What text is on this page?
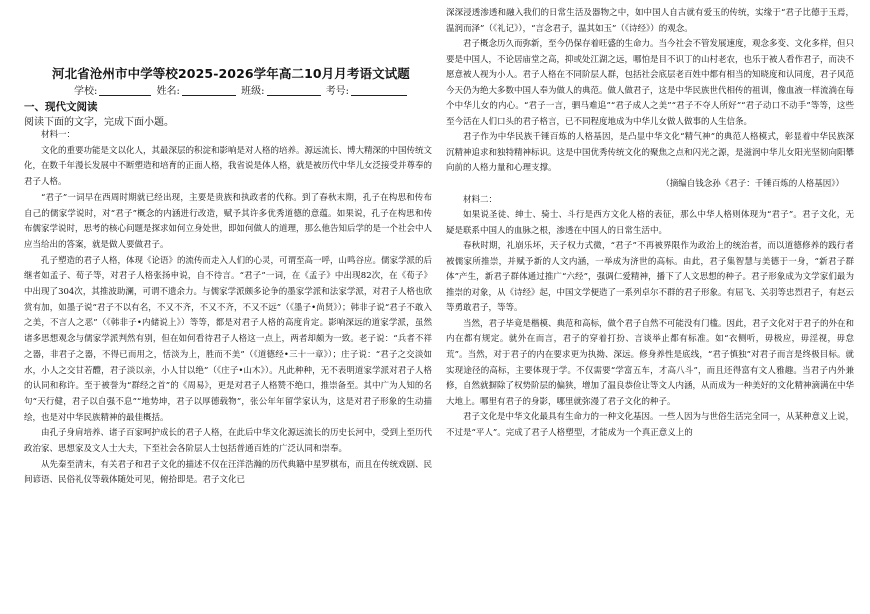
河北省沧州市中学等校2025-2026学年高二10月月考语文试题
学校:	姓名:	班级:	考号:
一、现代文阅读
阅读下面的文字，完成下面小题。

材料一：

文化的重要功能是文以化人，其最深层的积淀和影响是对人格的培养。源远流长、博大精深的中国传统文化，在数千年漫长发展中不断塑造和培育的正面人格，我省说是体人格，就是被历代中华儿女泛接受并尊奉的君子人格。

“君子”一词早在西周时期就已经出现，主要是贵族和执政者的代称。到了春秋末期，孔子在构思和传布自己的儒家学说时，对“君子”概念的内涵进行改造，赋予其许多优秀道德的意蕴。如果说，孔子在构思和传布儒家学说时，思考的核心问题是探求如何立身处世，即如何做人的道理，那么他告知后学的是一个社会中人应当给出的答案，就是做人要做君子。

孔子塑造的君子人格，体现《论语》的流传而走入人们的心灵，可谓至高一呼，山鸣谷应。儒家学派的后继者如孟子、荀子等，对君子人格张扬申说，自不待言。“君子”一词，在《孟子》中出现82次，在《荀子》中出现了304次，其推波助澜，可谓不遗余力。与儒家学派颇多论争的墨家学派和法家学派，对君子人格也欣赏有加，如墨子说“君子不以有名，不又不齐，不又不齐，不又不远”（《墨子•尚贤》）；韩非子说“君子不敢入之美，不言人之恶”（《韩非子•内储说上》）等等，都是对君子人格的高度肯定。影响深远的道家学派，虽然诸多思想观念与儒家学派判然有别，但在如何看待君子人格这一点上，两者却颇为一致。老子说：“兵者不祥之器，非君子之器，不得已而用之，恬淡为上，胜而不美”（《道德经•三十一章》）；庄子说：“君子之交淡如水，小人之交甘若醴，君子淡以亲，小人甘以绝”（《庄子•山木》）。凡此种种，无不表明道家学派对君子人格的认同和称许。至于被誉为“群经之首”的《周易》，更是对君子人格赞不绝口，推崇备至。其中广为人知的名句“天行健，君子以自强不息”“地势坤，君子以厚德载物”，张公年年留学家认为，这是对君子形象的生动描绘，也是对中华民族精神的最佳概括。

由孔子身肩培养、诸子百家呵护成长的君子人格，在此后中华文化源远流长的历史长河中，受到上至历代政治家、思想家及文人士大夫，下至社会各阶层人士包括普通百姓的广泛认同和崇奉。

从先秦至清末，有关君子和君子文化的描述不仅在汪洋浩瀚的历代典籍中星罗棋布，而且在传统戏剧、民间谚语、民俗礼仪等载体随处可见，俯拾即是。君子文化已

深深浸透渗透和融入我们的日常生活及器物之中，如中国人自古就有爱玉的传统，实缘于“君子比德于玉焉，温润而泽”（《礼记》），“言念君子，温其如玉”（《诗经》）的观念。

君子概念历久而弥新，至今仍保存着旺盛的生命力。当今社会不管发展速度，观念多变、文化多样，但只要是中国人，不论居庙堂之高，抑或处江湖之远，哪怕是目不识丁的山村老农，也乐于被人看作君子，而决不愿意被人视为小人。君子人格在不同阶层人群，包括社会底层老百姓中都有相当的知晓度和认同度，君子风范今天仍为绝大多数中国人奉为做人的典范。做人做君子，这是中华民族世代相传的祖训，像血液一样流淌在每个中华儿女的内心。“君子一言，驷马难追”“君子成人之美”“君子不夺人所好”“君子动口不动手”等等，这些至今活在人们口头的君子格言，已不同程度地成为中华儿女做人做事的人生信条。

君子作为中华民族千锤百炼的人格基因，是凸显中华文化“精气神”的典范人格模式，彰显着中华民族深沉精神追求和独特精神标识。这是中国优秀传统文化的聚焦之点和闪光之源，是滋润中华儿女阳光坚韧向阳攀向前的人格力量和心理支撑。

（摘编自钱念孙《君子：千锤百炼的人格基因》）

材料二：

如果说圣徒、绅士、骑士、斗行是西方文化人格的表征，那么中华人格则体现为“君子”。君子文化，无疑是联系中国人的血脉之根，渗透在中国人的日常生活中。

春秋时期，礼崩乐坏，天子权力式微，“君子”不再被界限作为政治上的统治者，而以道德修养的践行者被儒家所推崇，并赋予新的人文内涵，一举成为济世的高标。由此，君子集智慧与美德于一身，“新君子群体”产生，新君子群体通过推广“六经”，强调仁爱精神，播下了人文思想的种子。君子形象成为文学家们最为推崇的对象，从《诗经》起，中国文学便造了一系列卓尔不群的君子形象。有屈飞、关羽等忠烈君子，有赵云等勇敢君子，等等。

当然，君子毕竟是楷模、典范和高标，做个君子自然不可能没有门槛。因此，君子文化对于君子的外在和内在都有规定。就外在而言，君子的穿着打扮、言谈举止都有标准。如“衣侧听，毋极应，毋淫视，毋怠荒”。当然，对于君子的内在要求更为执拗、深远。修身养性是底线，“君子慎独”对君子而言是终极目标。就实现途径的高标，主要体现于学。不仅需要“学富五车，才高八斗”，而且还得富有文人雅趣。当君子内外兼修，自然就摒除了权势阶层的偏狭，增加了温良恭俭让等文人内涵，从而成为一种美好的文化精神滴满在中华大地上。哪里有君子的身影，哪里就弥漫了君子文化的种子。

君子文化是中华文化最具有生命力的一种文化基因。一些人因为与世俗生活完全同一，从某种意义上说，不过是“平人”。完成了君子人格塑型，才能成为一个真正意义上的
